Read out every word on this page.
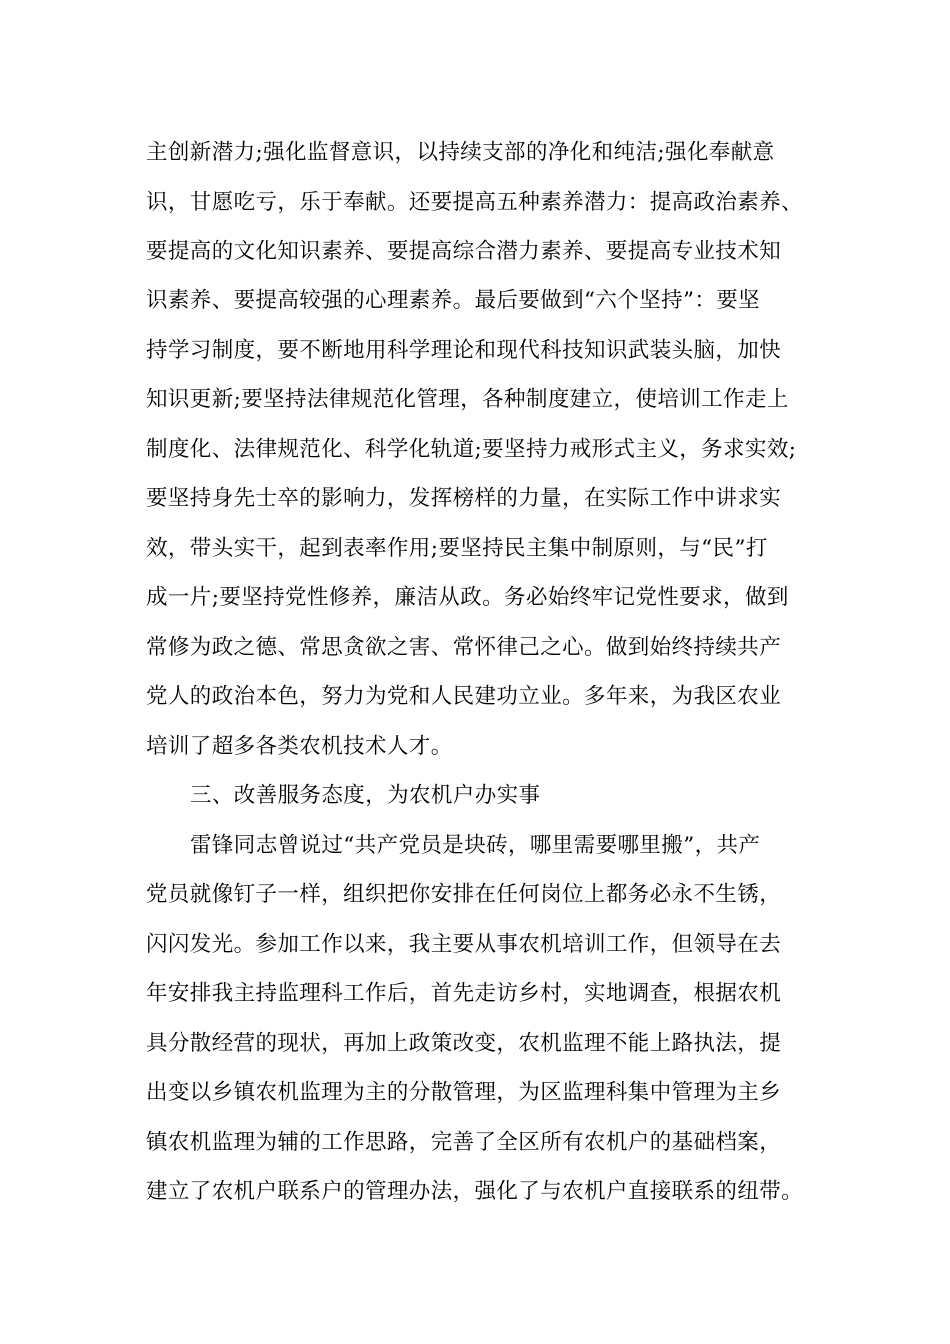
主创新潜力;强化监督意识，以持续支部的净化和纯洁;强化奉献意
识，甘愿吃亏，乐于奉献。还要提高五种素养潜力：提高政治素养、
要提高的文化知识素养、要提高综合潜力素养、要提高专业技术知
识素养、要提高较强的心理素养。最后要做到“六个坚持”：要坚
持学习制度，要不断地用科学理论和现代科技知识武装头脑，加快
知识更新;要坚持法律规范化管理，各种制度建立，使培训工作走上
制度化、法律规范化、科学化轨道;要坚持力戒形式主义，务求实效;
要坚持身先士卒的影响力，发挥榜样的力量，在实际工作中讲求实
效，带头实干，起到表率作用;要坚持民主集中制原则，与“民”打
成一片;要坚持党性修养，廉洁从政。务必始终牢记党性要求，做到
常修为政之德、常思贪欲之害、常怀律己之心。做到始终持续共产
党人的政治本色，努力为党和人民建功立业。多年来，为我区农业
培训了超多各类农机技术人才。
三、改善服务态度，为农机户办实事
雷锋同志曾说过“共产党员是块砖，哪里需要哪里搬”，共产
党员就像钉子一样，组织把你安排在任何岗位上都务必永不生锈，
闪闪发光。参加工作以来，我主要从事农机培训工作，但领导在去
年安排我主持监理科工作后，首先走访乡村，实地调查，根据农机
具分散经营的现状，再加上政策改变，农机监理不能上路执法，提
出变以乡镇农机监理为主的分散管理，为区监理科集中管理为主乡
镇农机监理为辅的工作思路，完善了全区所有农机户的基础档案，
建立了农机户联系户的管理办法，强化了与农机户直接联系的纽带。
